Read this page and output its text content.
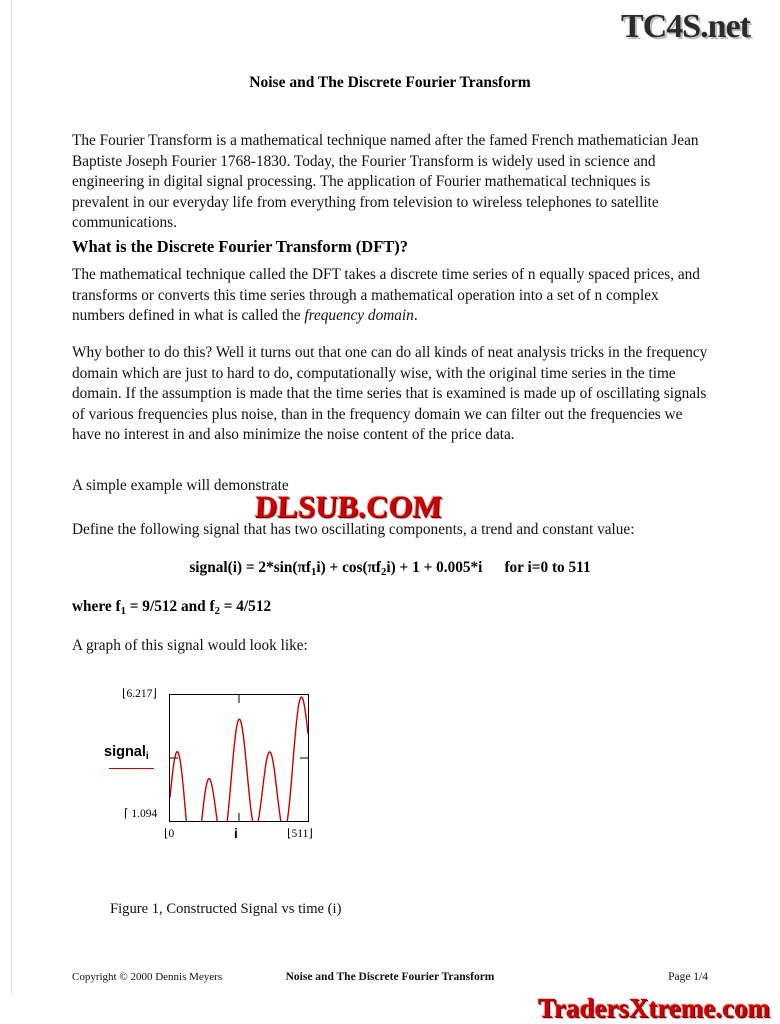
TC4S.net
Noise and The Discrete Fourier Transform
The Fourier Transform is a mathematical technique named after the famed French mathematician Jean Baptiste Joseph Fourier 1768-1830. Today, the Fourier Transform is widely used in science and engineering in digital signal processing. The application of Fourier mathematical techniques is prevalent in our everyday life from everything from television to wireless telephones to satellite communications.
What is the Discrete Fourier Transform (DFT)?
The mathematical technique called the DFT takes a discrete time series of n equally spaced prices, and transforms or converts this time series through a mathematical operation into a set of n complex numbers defined in what is called the frequency domain.
Why bother to do this? Well it turns out that one can do all kinds of neat analysis tricks in the frequency domain which are just to hard to do, computationally wise, with the original time series in the time domain. If the assumption is made that the time series that is examined is made up of oscillating signals of various frequencies plus noise, than in the frequency domain we can filter out the frequencies we have no interest in and also minimize the noise content of the price data.
A simple example will demonstrate
Define the following signal that has two oscillating components, a trend and constant value:
DLSUB.COM
signal(i) = $2*\sin(\pi f_1i) + \cos(\pi f_2i) + 1 + 0.005*i$ for i=0 to 511
where $f_1 = 9/512$ and $f_2 = 4/512$
A graph of this signal would look like:
signal$_i$
⌊6.217⌋
⌈ 1.094
⌊0	i	⌊511⌋
Figure 1, Constructed Signal vs time (i)
Copyright © 2000 Dennis Meyers	Noise and The Discrete Fourier Transform	Page 1/4
TradersXtreme.com
